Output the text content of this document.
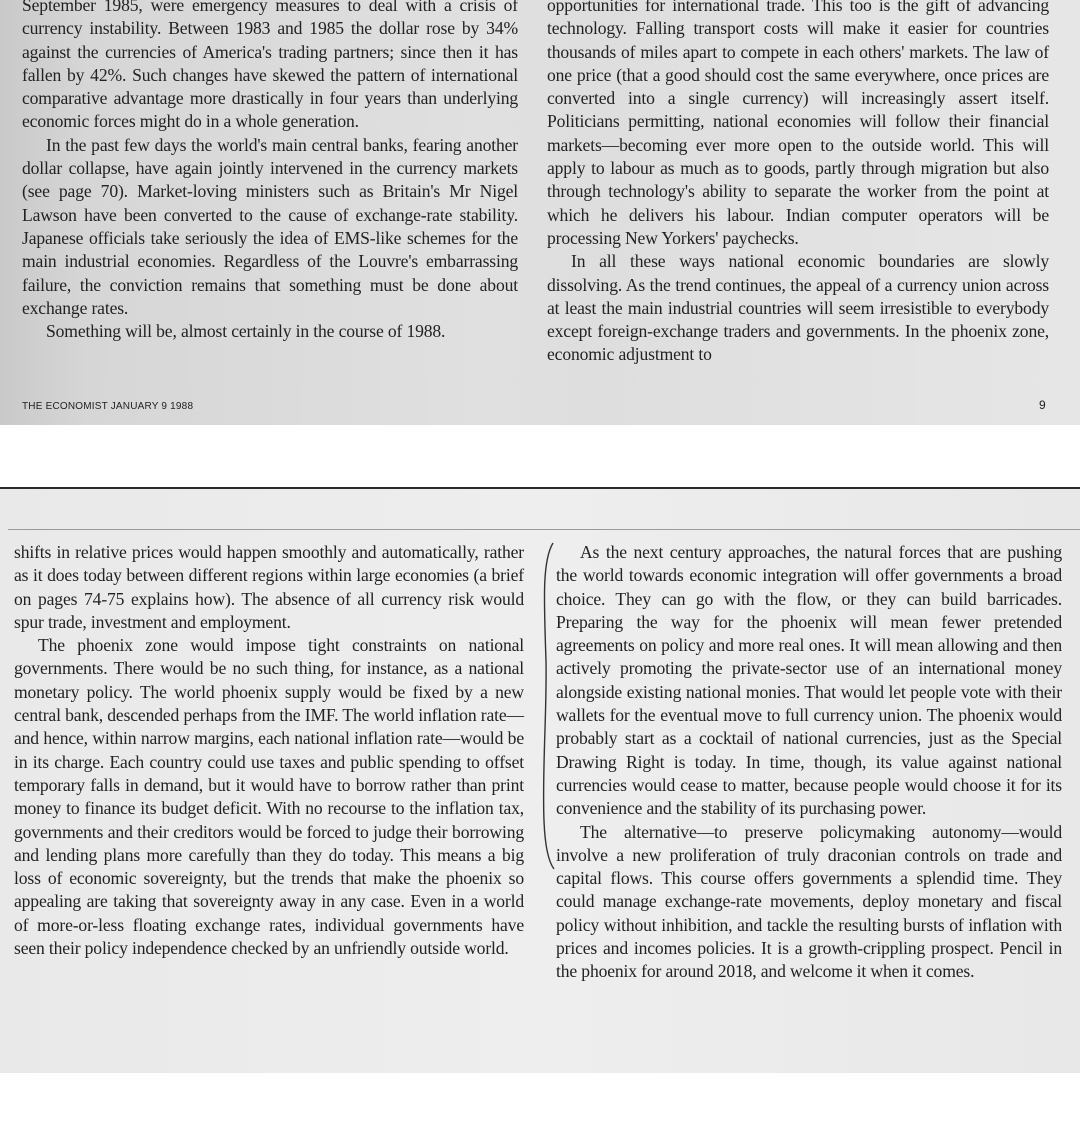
September 1985, were emergency measures to deal with a crisis of currency instability. Between 1983 and 1985 the dollar rose by 34% against the currencies of America's trading partners; since then it has fallen by 42%. Such changes have skewed the pattern of international comparative advantage more drastically in four years than underlying economic forces might do in a whole generation.

In the past few days the world's main central banks, fearing another dollar collapse, have again jointly intervened in the currency markets (see page 70). Market-loving ministers such as Britain's Mr Nigel Lawson have been converted to the cause of exchange-rate stability. Japanese officials take seriously the idea of EMS-like schemes for the main industrial economies. Regardless of the Louvre's embarrassing failure, the conviction remains that something must be done about exchange rates.

Something will be, almost certainly in the course of 1988.

opportunities for international trade. This too is the gift of advancing technology. Falling transport costs will make it easier for countries thousands of miles apart to compete in each others' markets. The law of one price (that a good should cost the same everywhere, once prices are converted into a single currency) will increasingly assert itself. Politicians permitting, national economies will follow their financial markets—becoming ever more open to the outside world. This will apply to labour as much as to goods, partly through migration but also through technology's ability to separate the worker from the point at which he delivers his labour. Indian computer operators will be processing New Yorkers' paychecks.

In all these ways national economic boundaries are slowly dissolving. As the trend continues, the appeal of a currency union across at least the main industrial countries will seem irresistible to everybody except foreign-exchange traders and governments. In the phoenix zone, economic adjustment to

THE ECONOMIST JANUARY 9 1988	9

shifts in relative prices would happen smoothly and automatically, rather as it does today between different regions within large economies (a brief on pages 74-75 explains how). The absence of all currency risk would spur trade, investment and employment.

The phoenix zone would impose tight constraints on national governments. There would be no such thing, for instance, as a national monetary policy. The world phoenix supply would be fixed by a new central bank, descended perhaps from the IMF. The world inflation rate—and hence, within narrow margins, each national inflation rate—would be in its charge. Each country could use taxes and public spending to offset temporary falls in demand, but it would have to borrow rather than print money to finance its budget deficit. With no recourse to the inflation tax, governments and their creditors would be forced to judge their borrowing and lending plans more carefully than they do today. This means a big loss of economic sovereignty, but the trends that make the phoenix so appealing are taking that sovereignty away in any case. Even in a world of more-or-less floating exchange rates, individual governments have seen their policy independence checked by an unfriendly outside world.

As the next century approaches, the natural forces that are pushing the world towards economic integration will offer governments a broad choice. They can go with the flow, or they can build barricades. Preparing the way for the phoenix will mean fewer pretended agreements on policy and more real ones. It will mean allowing and then actively promoting the private-sector use of an international money alongside existing national monies. That would let people vote with their wallets for the eventual move to full currency union. The phoenix would probably start as a cocktail of national currencies, just as the Special Drawing Right is today. In time, though, its value against national currencies would cease to matter, because people would choose it for its convenience and the stability of its purchasing power.

The alternative—to preserve policymaking autonomy—would involve a new proliferation of truly draconian controls on trade and capital flows. This course offers governments a splendid time. They could manage exchange-rate movements, deploy monetary and fiscal policy without inhibition, and tackle the resulting bursts of inflation with prices and incomes policies. It is a growth-crippling prospect. Pencil in the phoenix for around 2018, and welcome it when it comes.
